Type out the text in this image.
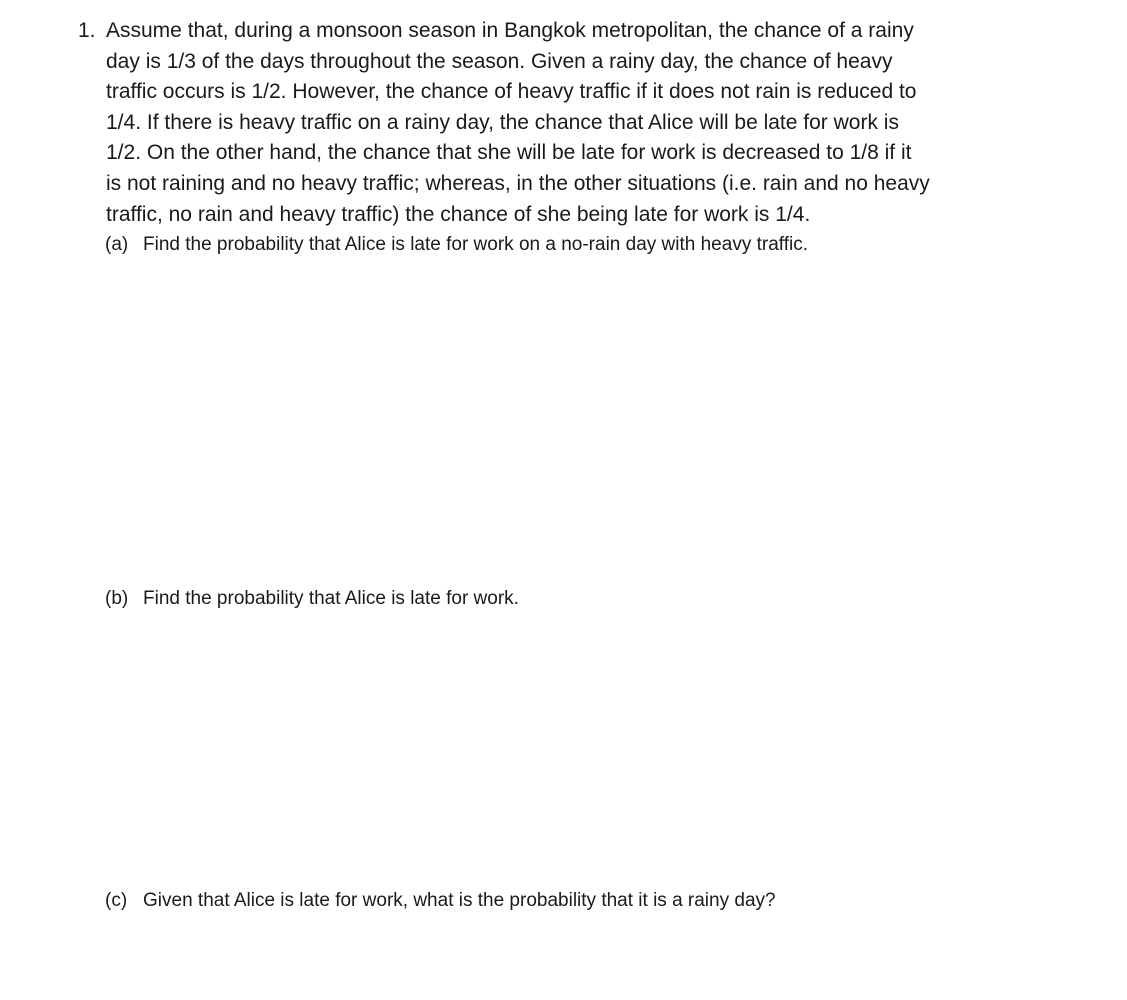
1. Assume that, during a monsoon season in Bangkok metropolitan, the chance of a rainy
day is 1/3 of the days throughout the season. Given a rainy day, the chance of heavy
traffic occurs is 1/2. However, the chance of heavy traffic if it does not rain is reduced to
1/4. If there is heavy traffic on a rainy day, the chance that Alice will be late for work is
1/2. On the other hand, the chance that she will be late for work is decreased to 1/8 if it
is not raining and no heavy traffic; whereas, in the other situations (i.e. rain and no heavy
traffic, no rain and heavy traffic) the chance of she being late for work is 1/4.
(a) Find the probability that Alice is late for work on a no-rain day with heavy traffic.
(b) Find the probability that Alice is late for work.
(c) Given that Alice is late for work, what is the probability that it is a rainy day?
